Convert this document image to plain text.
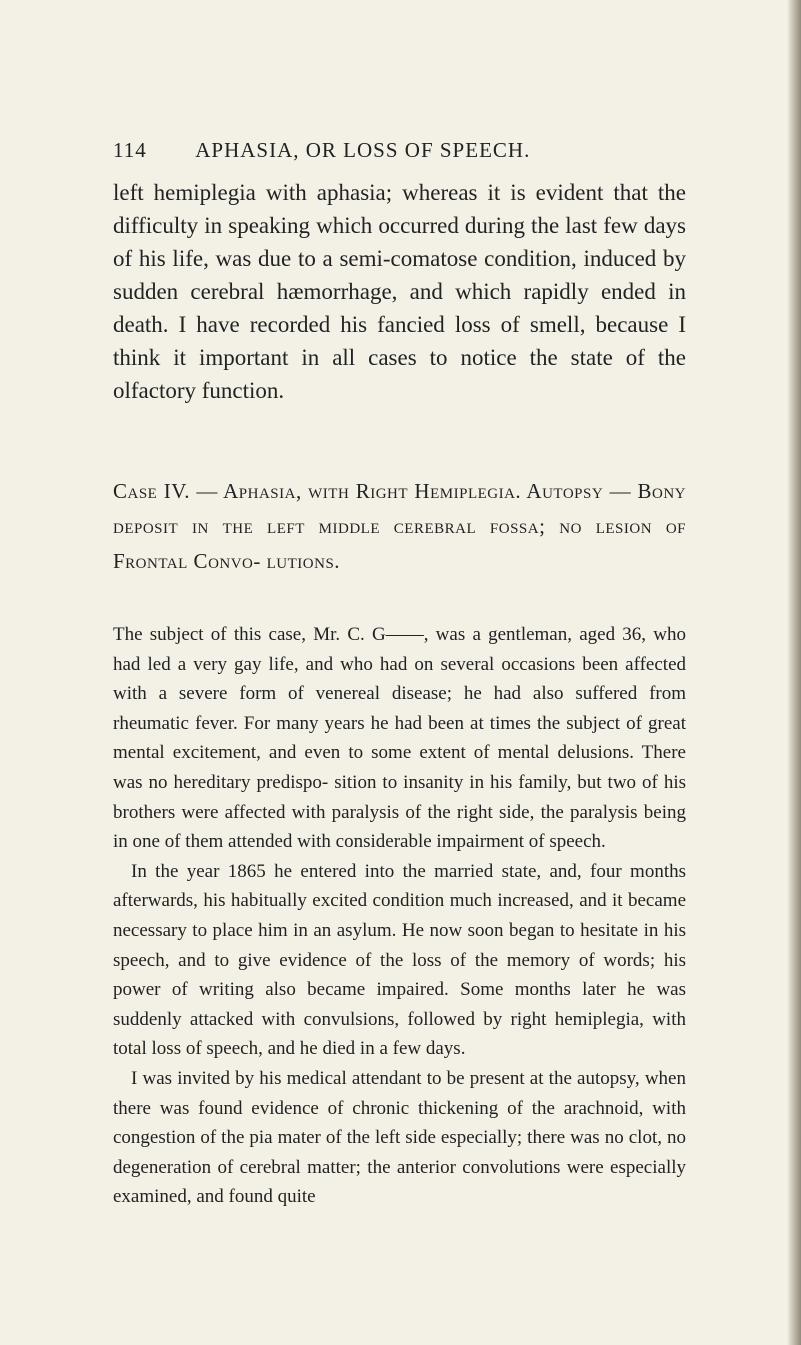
114 APHASIA, OR LOSS OF SPEECH.
left hemiplegia with aphasia; whereas it is evident that the difficulty in speaking which occurred during the last few days of his life, was due to a semi-comatose condition, induced by sudden cerebral hæmorrhage, and which rapidly ended in death. I have recorded his fancied loss of smell, because I think it important in all cases to notice the state of the olfactory function.
Case IV. — Aphasia, with Right Hemiplegia. Autopsy — Bony deposit in the left middle cerebral fossa; no lesion of Frontal Convo- lutions.

The subject of this case, Mr. C. G——, was a gentleman, aged 36, who had led a very gay life, and who had on several occasions been affected with a severe form of venereal disease; he had also suffered from rheumatic fever. For many years he had been at times the subject of great mental excitement, and even to some extent of mental delusions. There was no hereditary predispo- sition to insanity in his family, but two of his brothers were affected with paralysis of the right side, the paralysis being in one of them attended with considerable impairment of speech.

In the year 1865 he entered into the married state, and, four months afterwards, his habitually excited condition much increased, and it became necessary to place him in an asylum. He now soon began to hesitate in his speech, and to give evidence of the loss of the memory of words; his power of writing also became impaired. Some months later he was suddenly attacked with convulsions, followed by right hemiplegia, with total loss of speech, and he died in a few days.

I was invited by his medical attendant to be present at the autopsy, when there was found evidence of chronic thickening of the arachnoid, with congestion of the pia mater of the left side especially; there was no clot, no degeneration of cerebral matter; the anterior convolutions were especially examined, and found quite
